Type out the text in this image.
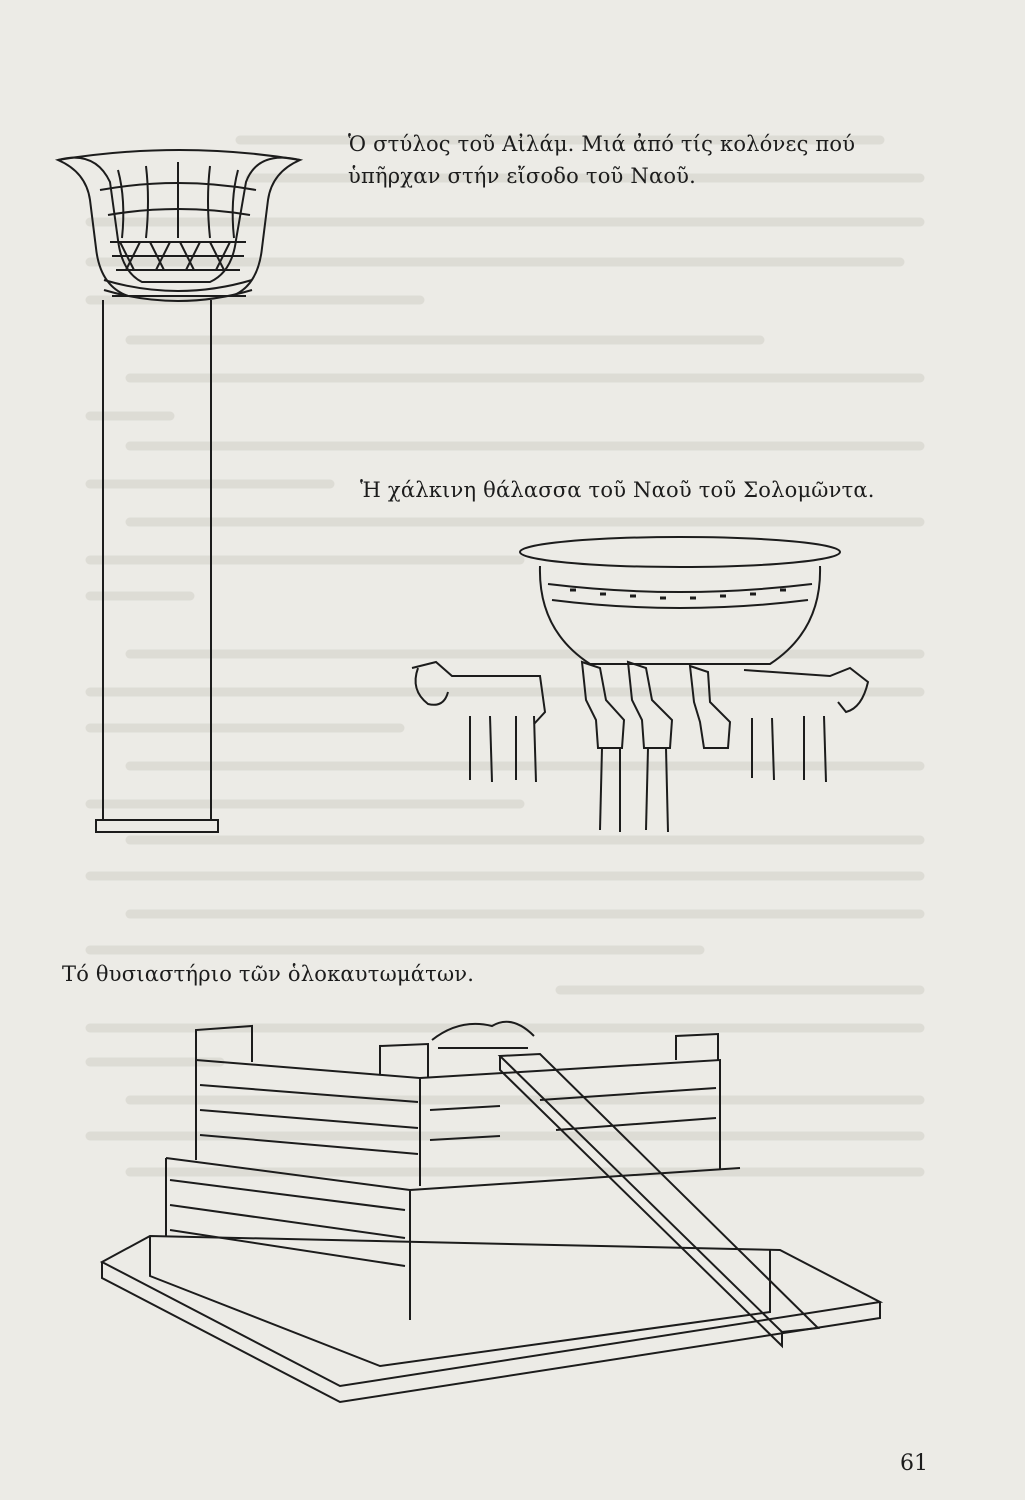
Ὁ στύλος τοῦ Αἰλάμ. Μιά ἀπό τίς κολόνες πού ὑπῆρχαν στήν εἴσοδο τοῦ Ναοῦ.
Ἡ χάλκινη θάλασσα τοῦ Ναοῦ τοῦ Σολομῶντα.
Τό θυσιαστήριο τῶν ὁλοκαυτωμάτων.
61
